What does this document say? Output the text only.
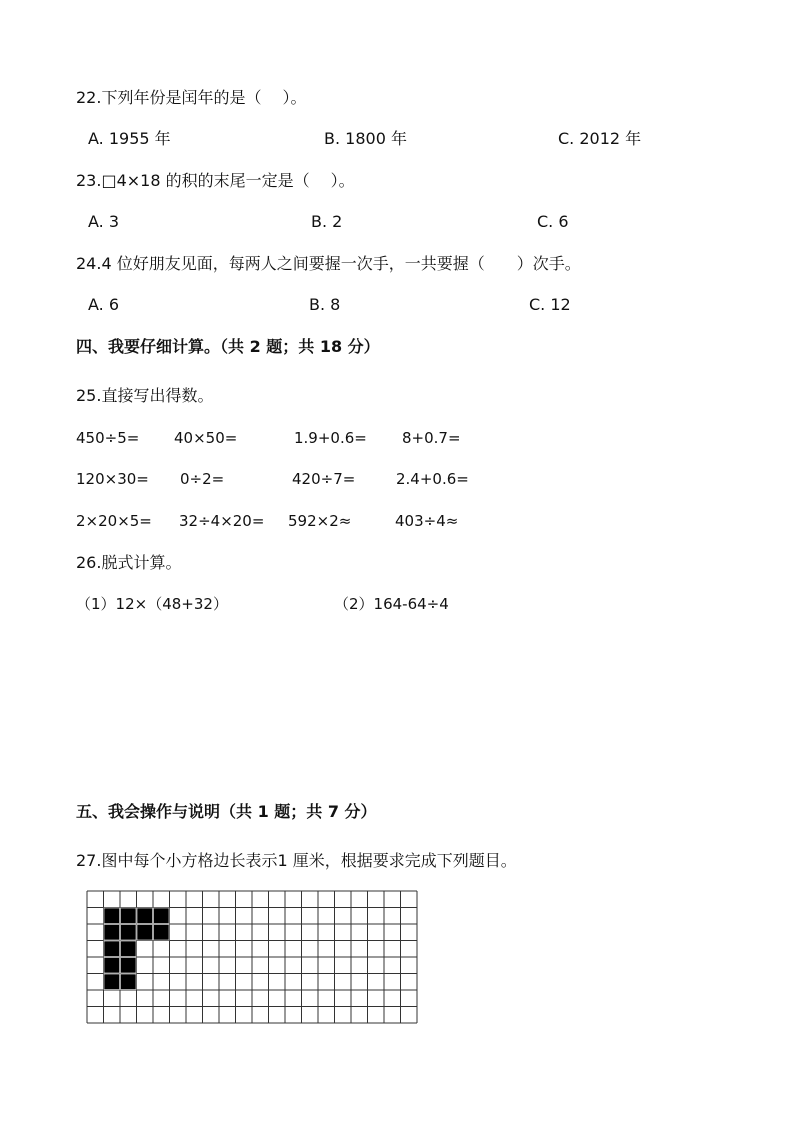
22.下列年份是闰年的是（　 ）。
A. 1955 年	B. 1800 年	C. 2012 年
23.□4×18 的积的末尾一定是（　 ）。
A. 3	B. 2	C. 6
24.4 位好朋友见面，每两人之间要握一次手，一共要握（　　）次手。
A. 6	B. 8	C. 12
四、我要仔细计算。（共 2 题；共 18 分）
25.直接写出得数。
450÷5= 40×50=	1.9+0.6= 8+0.7=
120×30= 0÷2=	420÷7=	2.4+0.6=
2×20×5= 32÷4×20= 592×2≈	403÷4≈
26.脱式计算。
（1）12×（48+32）	（2）164-64÷4
五、我会操作与说明（共 1 题；共 7 分）
27.图中每个小方格边长表示1 厘米，根据要求完成下列题目。
